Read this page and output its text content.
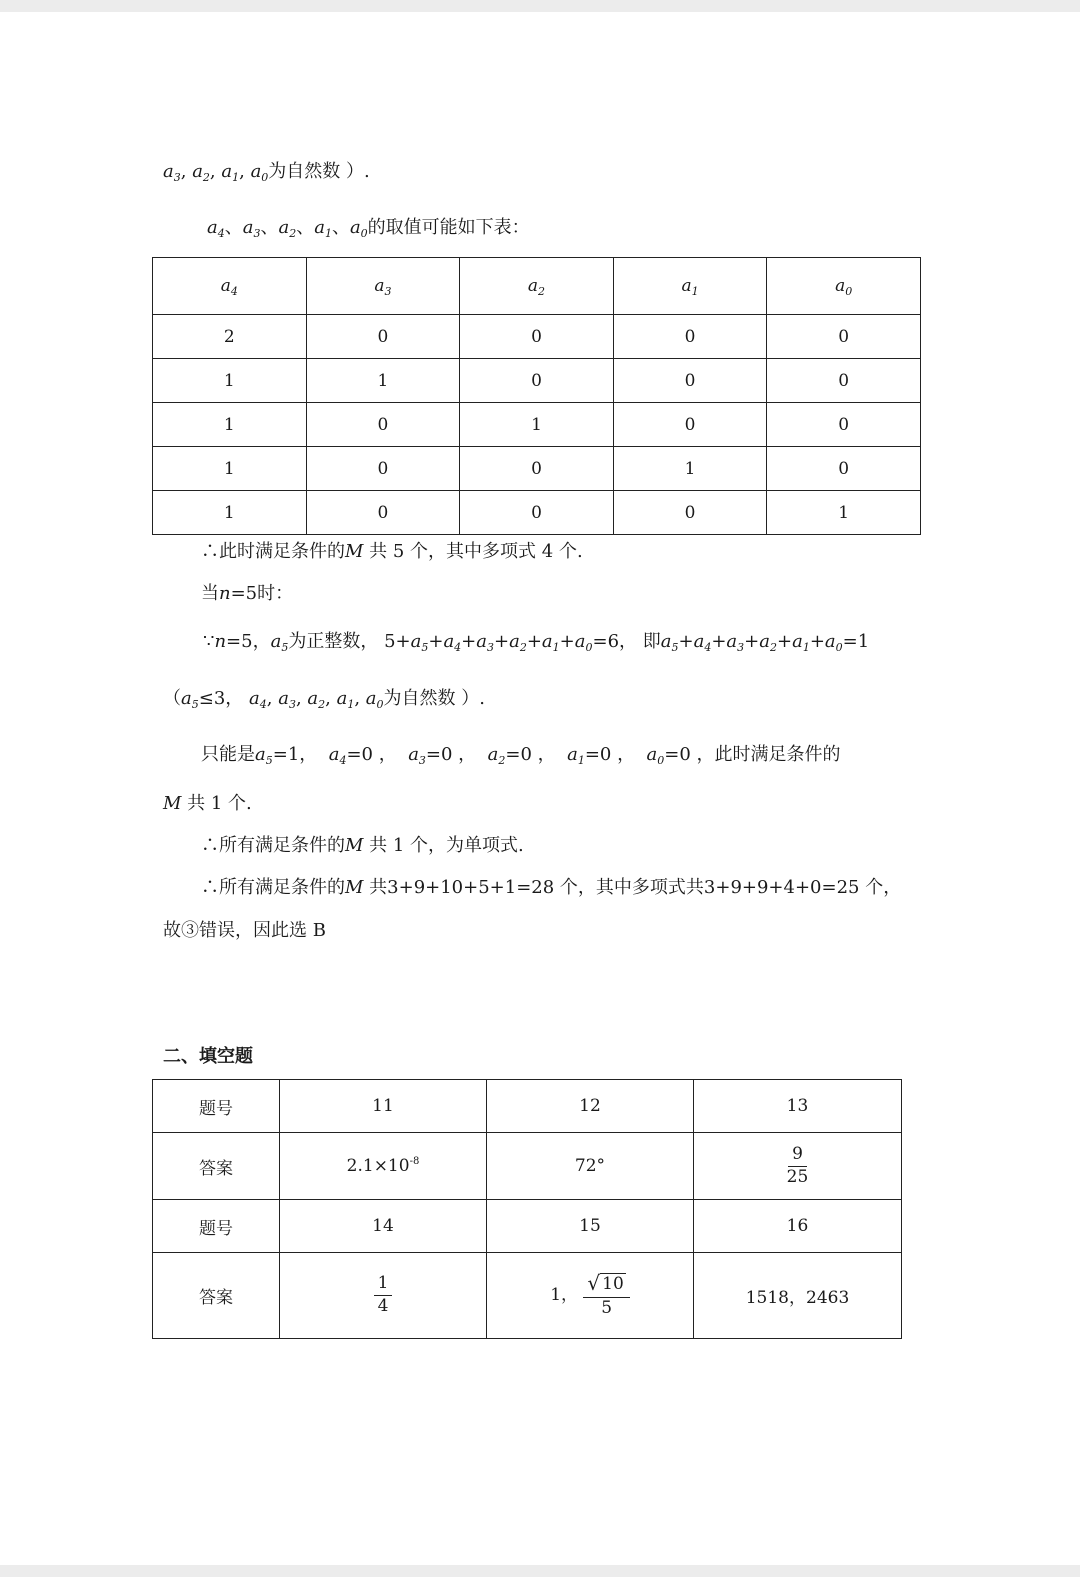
$a_3$, $a_2$, $a_1$, $a_0$为自然数 ）.
$a_4$、$a_3$、$a_2$、$a_1$、$a_0$的取值可能如下表：
$a_4$	$a_3$	$a_2$	$a_1$	$a_0$
2	0	0	0	0
1	1	0	0	0
1	0	1	0	0
1	0	0	1	0
1	0	0	0	1
∴此时满足条件的M 共 5 个，其中多项式 4 个.
当n=5时：
∵n=5，$a_5$为正整数， $5+a_5+a_4+a_3+a_2+a_1+a_0=6$， 即$a_5+a_4+a_3+a_2+a_1+a_0=1$
（$a_5\le 3$， $a_4$, $a_3$, $a_2$, $a_1$, $a_0$为自然数 ）.
只能是$a_5=1$， $a_4=0$ ， $a_3=0$ ， $a_2=0$ ， $a_1=0$ ， $a_0=0$ ，此时满足条件的
M 共 1 个.
∴所有满足条件的M 共 1 个，为单项式.
∴所有满足条件的M 共3+9+10+5+1=28 个，其中多项式共3+9+9+4+0=25 个，
故③错误，因此选 B
二、填空题
题号	11	12	13
答案	$2.1\times 10^{-8}$	72°	$\frac{9}{25}$

题号	14	15	16
答案	$\frac{1}{4}$	1， $\frac{√ 10}{5}$	1518，2463
